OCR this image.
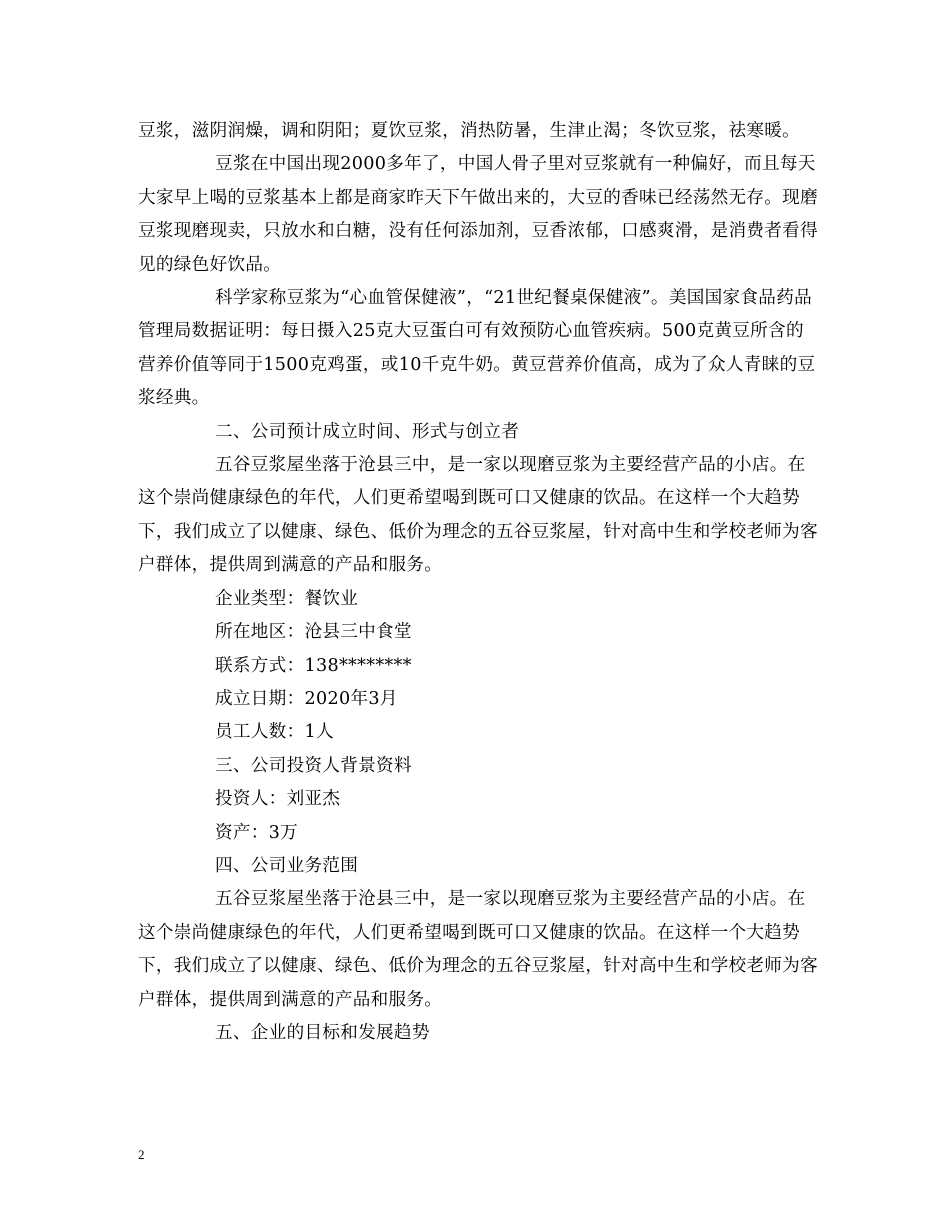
豆浆，滋阴润燥，调和阴阳；夏饮豆浆，消热防暑，生津止渴；冬饮豆浆，祛寒暖。

豆浆在中国出现2000多年了，中国人骨子里对豆浆就有一种偏好，而且每天大家早上喝的豆浆基本上都是商家昨天下午做出来的，大豆的香味已经荡然无存。现磨豆浆现磨现卖，只放水和白糖，没有任何添加剂，豆香浓郁，口感爽滑，是消费者看得见的绿色好饮品。

科学家称豆浆为“心血管保健液”，“21世纪餐桌保健液”。美国国家食品药品管理局数据证明：每日摄入25克大豆蛋白可有效预防心血管疾病。500克黄豆所含的营养价值等同于1500克鸡蛋，或10千克牛奶。黄豆营养价值高，成为了众人青睐的豆浆经典。

二、公司预计成立时间、形式与创立者

五谷豆浆屋坐落于沧县三中，是一家以现磨豆浆为主要经营产品的小店。在这个崇尚健康绿色的年代，人们更希望喝到既可口又健康的饮品。在这样一个大趋势下，我们成立了以健康、绿色、低价为理念的五谷豆浆屋，针对高中生和学校老师为客户群体，提供周到满意的产品和服务。

企业类型：餐饮业

所在地区：沧县三中食堂

联系方式：138********

成立日期：2020年3月

员工人数：1人

三、公司投资人背景资料

投资人：刘亚杰

资产：3万

四、公司业务范围

五谷豆浆屋坐落于沧县三中，是一家以现磨豆浆为主要经营产品的小店。在这个崇尚健康绿色的年代，人们更希望喝到既可口又健康的饮品。在这样一个大趋势下，我们成立了以健康、绿色、低价为理念的五谷豆浆屋，针对高中生和学校老师为客户群体，提供周到满意的产品和服务。

五、企业的目标和发展趋势

2
